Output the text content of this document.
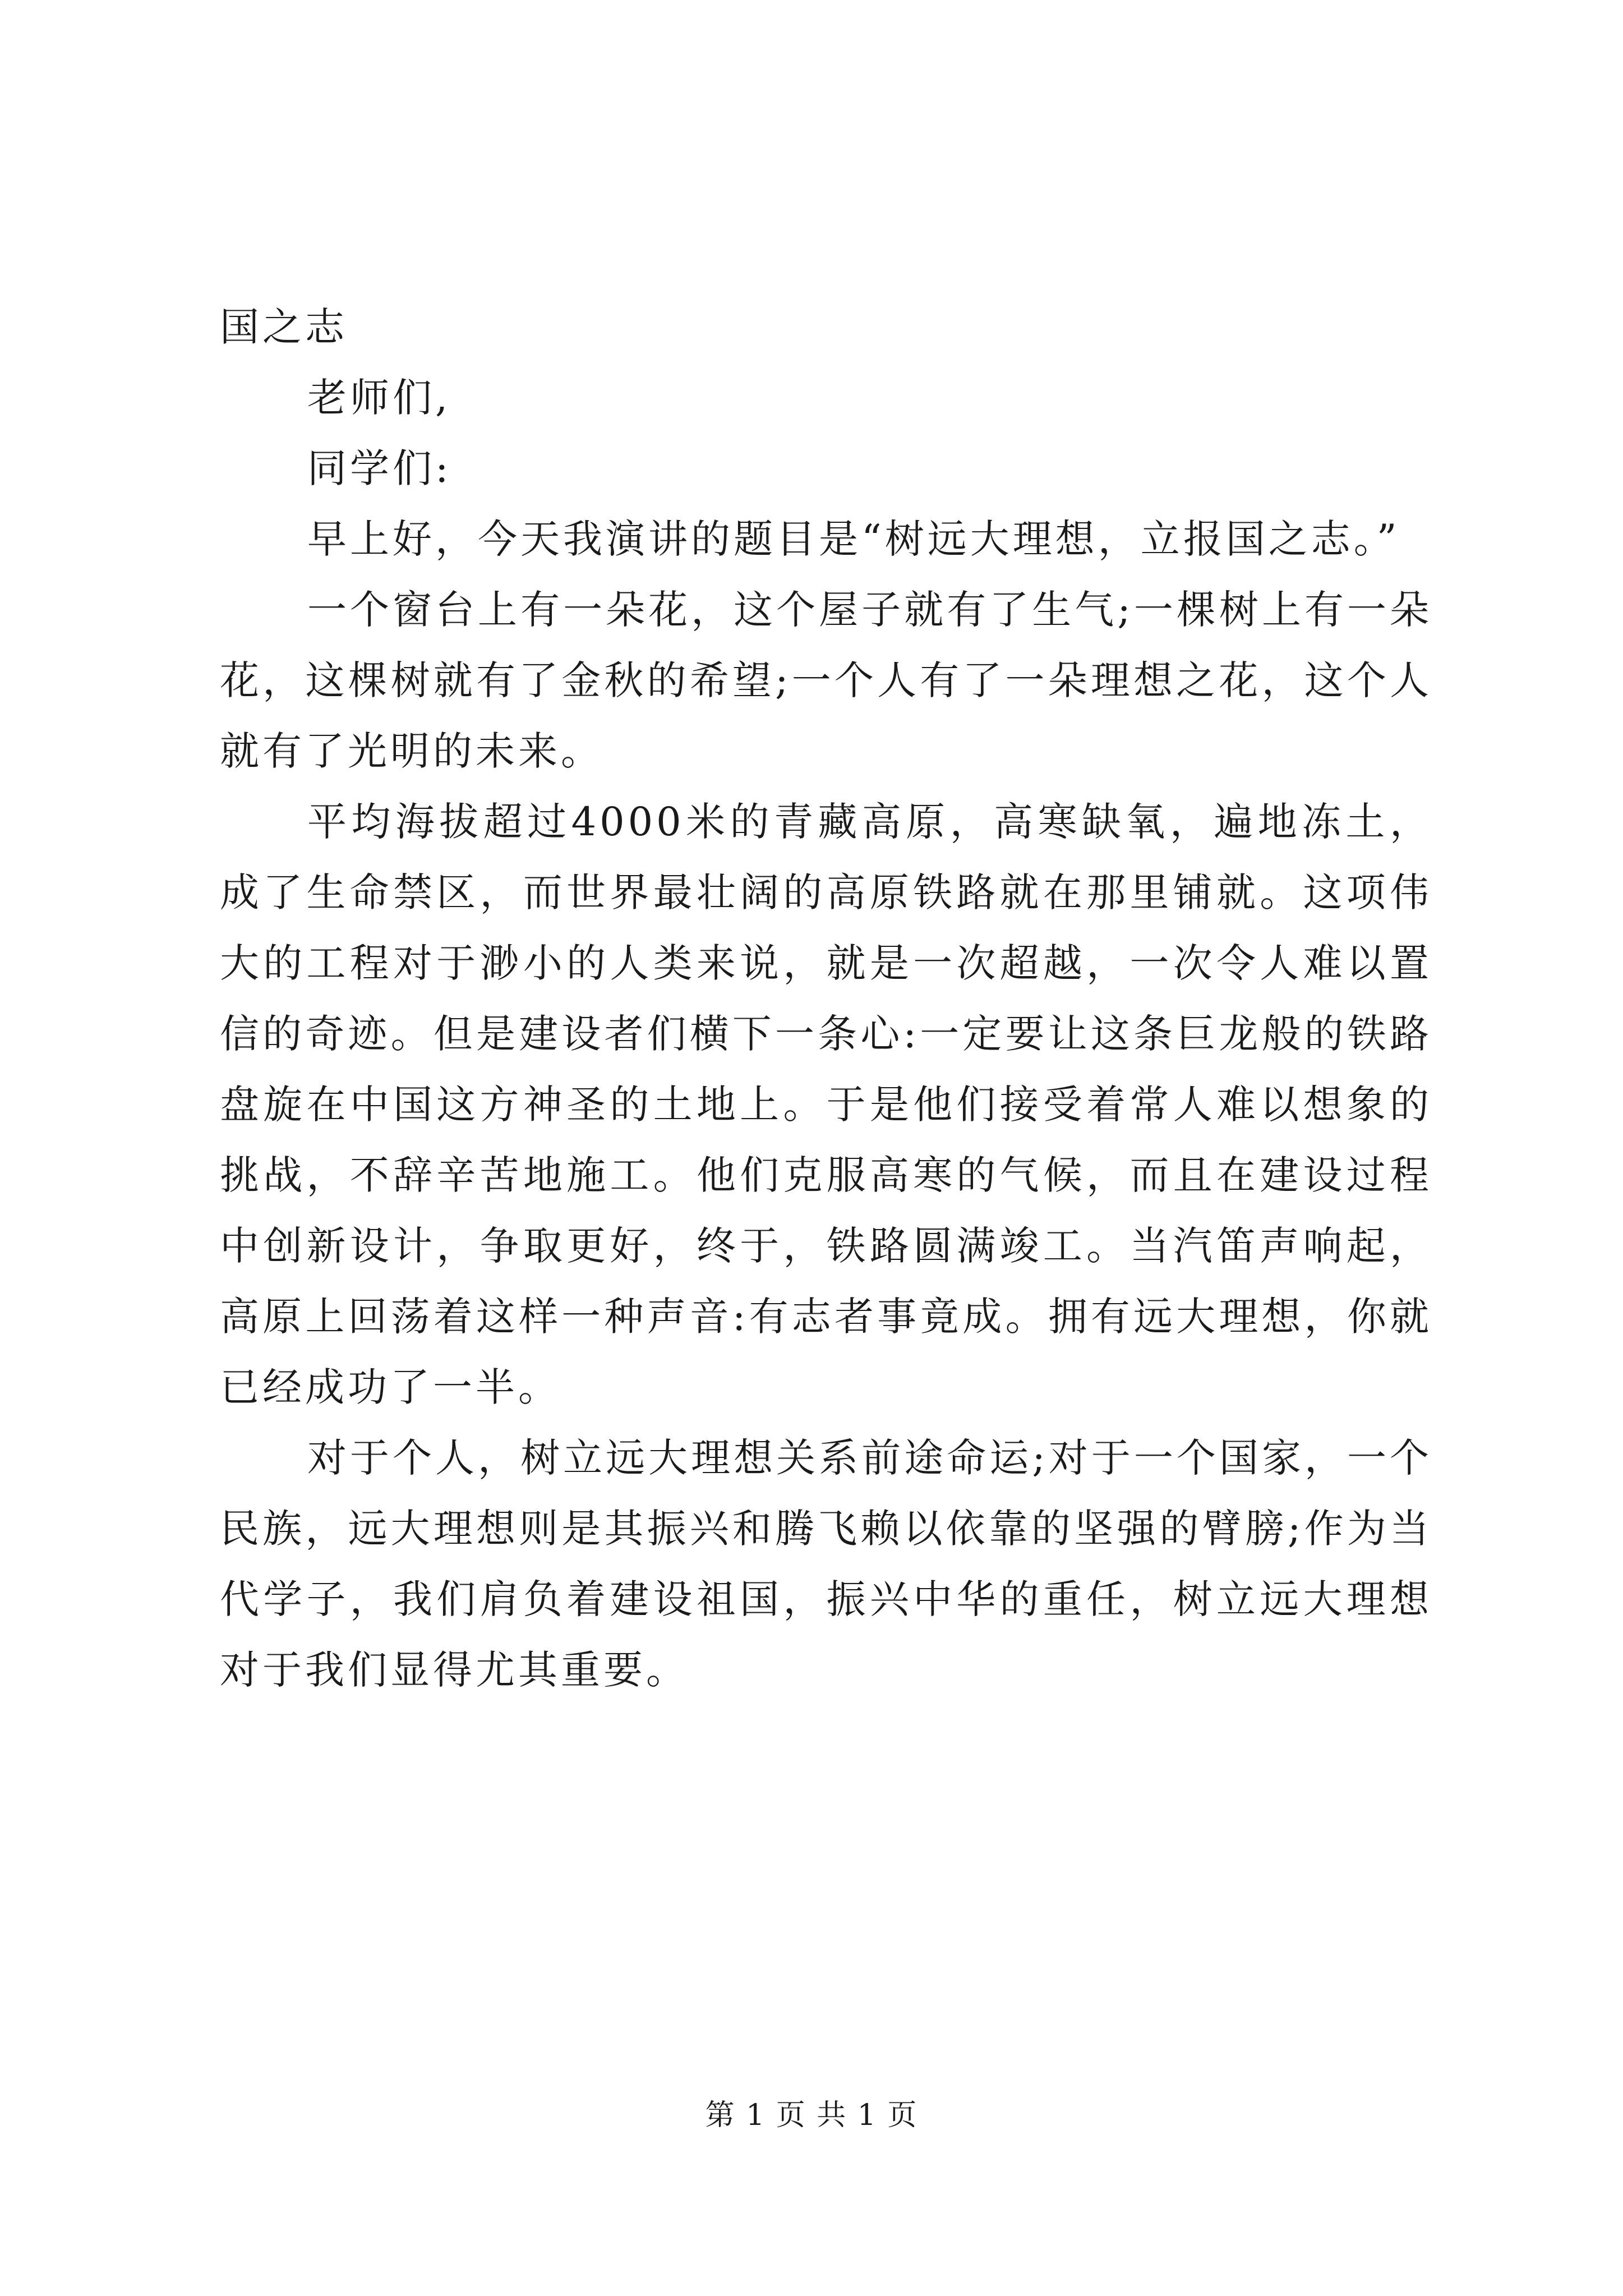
国之志

老师们,

同学们:

早上好，今天我演讲的题目是“树远大理想，立报国之志。”

一个窗台上有一朵花，这个屋子就有了生气;一棵树上有一朵花，这棵树就有了金秋的希望;一个人有了一朵理想之花，这个人就有了光明的未来。

平均海拔超过4000米的青藏高原，高寒缺氧，遍地冻土，成了生命禁区，而世界最壮阔的高原铁路就在那里铺就。这项伟大的工程对于渺小的人类来说，就是一次超越，一次令人难以置信的奇迹。但是建设者们横下一条心:一定要让这条巨龙般的铁路盘旋在中国这方神圣的土地上。于是他们接受着常人难以想象的挑战，不辞辛苦地施工。他们克服高寒的气候，而且在建设过程中创新设计，争取更好，终于，铁路圆满竣工。当汽笛声响起，高原上回荡着这样一种声音:有志者事竟成。拥有远大理想，你就已经成功了一半。

对于个人，树立远大理想关系前途命运;对于一个国家，一个民族，远大理想则是其振兴和腾飞赖以依靠的坚强的臂膀;作为当代学子，我们肩负着建设祖国，振兴中华的重任，树立远大理想对于我们显得尤其重要。

第 1 页 共 1 页
